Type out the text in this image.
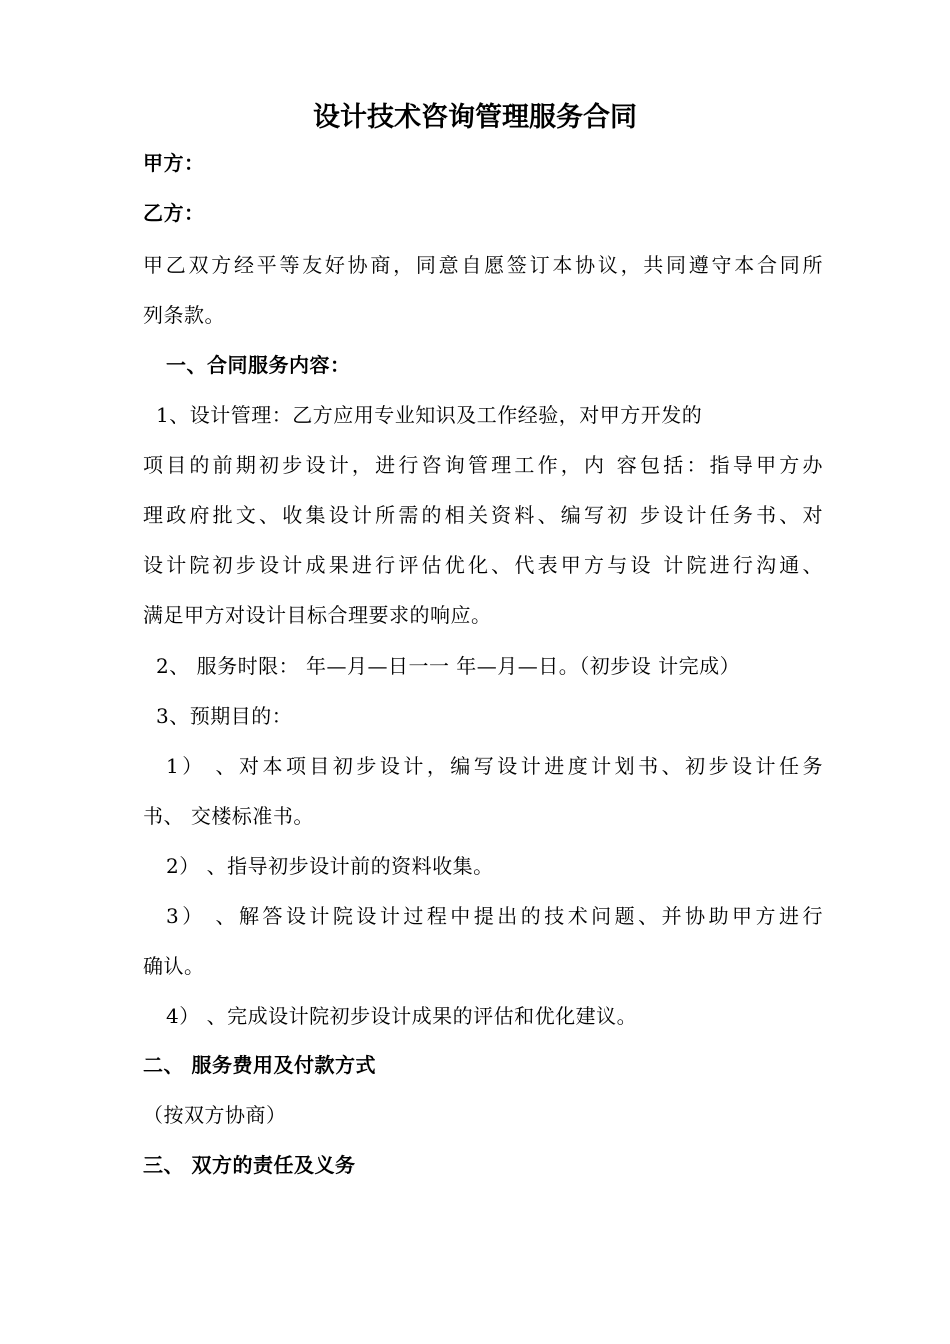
设计技术咨询管理服务合同
甲方：
乙方：
甲乙双方经平等友好协商，同意自愿签订本协议，共同遵守本合同所
列条款。
一、合同服务内容：
1、设计管理：乙方应用专业知识及工作经验，对甲方开发的
项目的前期初步设计，进行咨询管理工作，内 容包括：指导甲方办
理政府批文、收集设计所需的相关资料、编写初 步设计任务书、对
设计院初步设计成果进行评估优化、代表甲方与设 计院进行沟通、
满足甲方对设计目标合理要求的响应。
2、 服务时限： 年—月—日一一 年—月—日。（初步设 计完成）
3、预期目的：
1） 、对本项目初步设计，编写设计进度计划书、初步设计任务
书、 交楼标准书。
2） 、指导初步设计前的资料收集。
3） 、解答设计院设计过程中提出的技术问题、并协助甲方进行
确认。
4） 、完成设计院初步设计成果的评估和优化建议。
二、 服务费用及付款方式
（按双方协商）
三、 双方的责任及义务
